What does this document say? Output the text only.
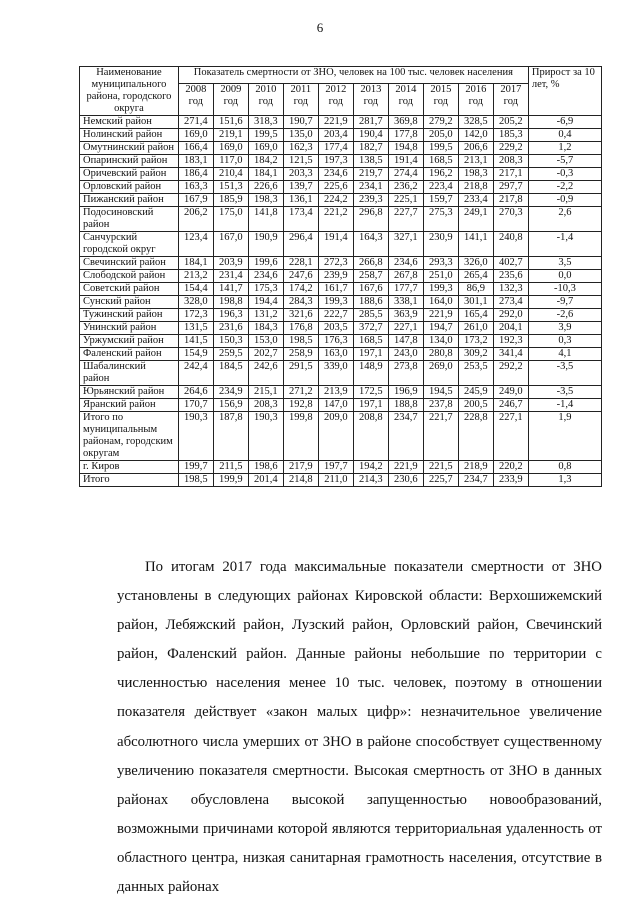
6
Наименование муниципального района, городского округа	Показатель смертности от ЗНО, человек на 100 тыс. человек населения										Прирост за 10 лет, %
	2008 год	2009 год	2010 год	2011 год	2012 год	2013 год	2014 год	2015 год	2016 год	2017 год	
Немский район	271,4	151,6	318,3	190,7	221,9	281,7	369,8	279,2	328,5	205,2	-6,9
Нолинский район	169,0	219,1	199,5	135,0	203,4	190,4	177,8	205,0	142,0	185,3	0,4
Омутнинский район	166,4	169,0	169,0	162,3	177,4	182,7	194,8	199,5	206,6	229,2	1,2
Опаринский район	183,1	117,0	184,2	121,5	197,3	138,5	191,4	168,5	213,1	208,3	-5,7
Оричевский район	186,4	210,4	184,1	203,3	234,6	219,7	274,4	196,2	198,3	217,1	-0,3
Орловский район	163,3	151,3	226,6	139,7	225,6	234,1	236,2	223,4	218,8	297,7	-2,2
Пижанский район	167,9	185,9	198,3	136,1	224,2	239,3	225,1	159,7	233,4	217,8	-0,9
Подосиновский район	206,2	175,0	141,8	173,4	221,2	296,8	227,7	275,3	249,1	270,3	2,6
Санчурский городской округ	123,4	167,0	190,9	296,4	191,4	164,3	327,1	230,9	141,1	240,8	-1,4
Свечинский район	184,1	203,9	199,6	228,1	272,3	266,8	234,6	293,3	326,0	402,7	3,5
Слободской район	213,2	231,4	234,6	247,6	239,9	258,7	267,8	251,0	265,4	235,6	0,0
Советский район	154,4	141,7	175,3	174,2	161,7	167,6	177,7	199,3	86,9	132,3	-10,3
Сунский район	328,0	198,8	194,4	284,3	199,3	188,6	338,1	164,0	301,1	273,4	-9,7
Тужинский район	172,3	196,3	131,2	321,6	222,7	285,5	363,9	221,9	165,4	292,0	-2,6
Унинский район	131,5	231,6	184,3	176,8	203,5	372,7	227,1	194,7	261,0	204,1	3,9
Уржумский район	141,5	150,3	153,0	198,5	176,3	168,5	147,8	134,0	173,2	192,3	0,3
Фаленский район	154,9	259,5	202,7	258,9	163,0	197,1	243,0	280,8	309,2	341,4	4,1
Шабалинский район	242,4	184,5	242,6	291,5	339,0	148,9	273,8	269,0	253,5	292,2	-3,5
Юрьянский район	264,6	234,9	215,1	271,2	213,9	172,5	196,9	194,5	245,9	249,0	-3,5
Яранский район	170,7	156,9	208,3	192,8	147,0	197,1	188,8	237,8	200,5	246,7	-1,4
Итого по муниципальным районам, городским округам	190,3	187,8	190,3	199,8	209,0	208,8	234,7	221,7	228,8	227,1	1,9
г. Киров	199,7	211,5	198,6	217,9	197,7	194,2	221,9	221,5	218,9	220,2	0,8
Итого	198,5	199,9	201,4	214,8	211,0	214,3	230,6	225,7	234,7	233,9	1,3

По итогам 2017 года максимальные показатели смертности от ЗНО установлены в следующих районах Кировской области: Верхошижемский район, Лебяжский район, Лузский район, Орловский район, Свечинский район, Фаленский район. Данные районы небольшие по территории с численностью населения менее 10 тыс. человек, поэтому в отношении показателя действует «закон малых цифр»: незначительное увеличение абсолютного числа умерших от ЗНО в районе способствует существенному увеличению показателя смертности. Высокая смертность от ЗНО в данных районах обусловлена высокой запущенностью новообразований, возможными причинами которой являются территориальная удаленность от областного центра, низкая санитарная грамотность населения, отсутствие в данных районах
